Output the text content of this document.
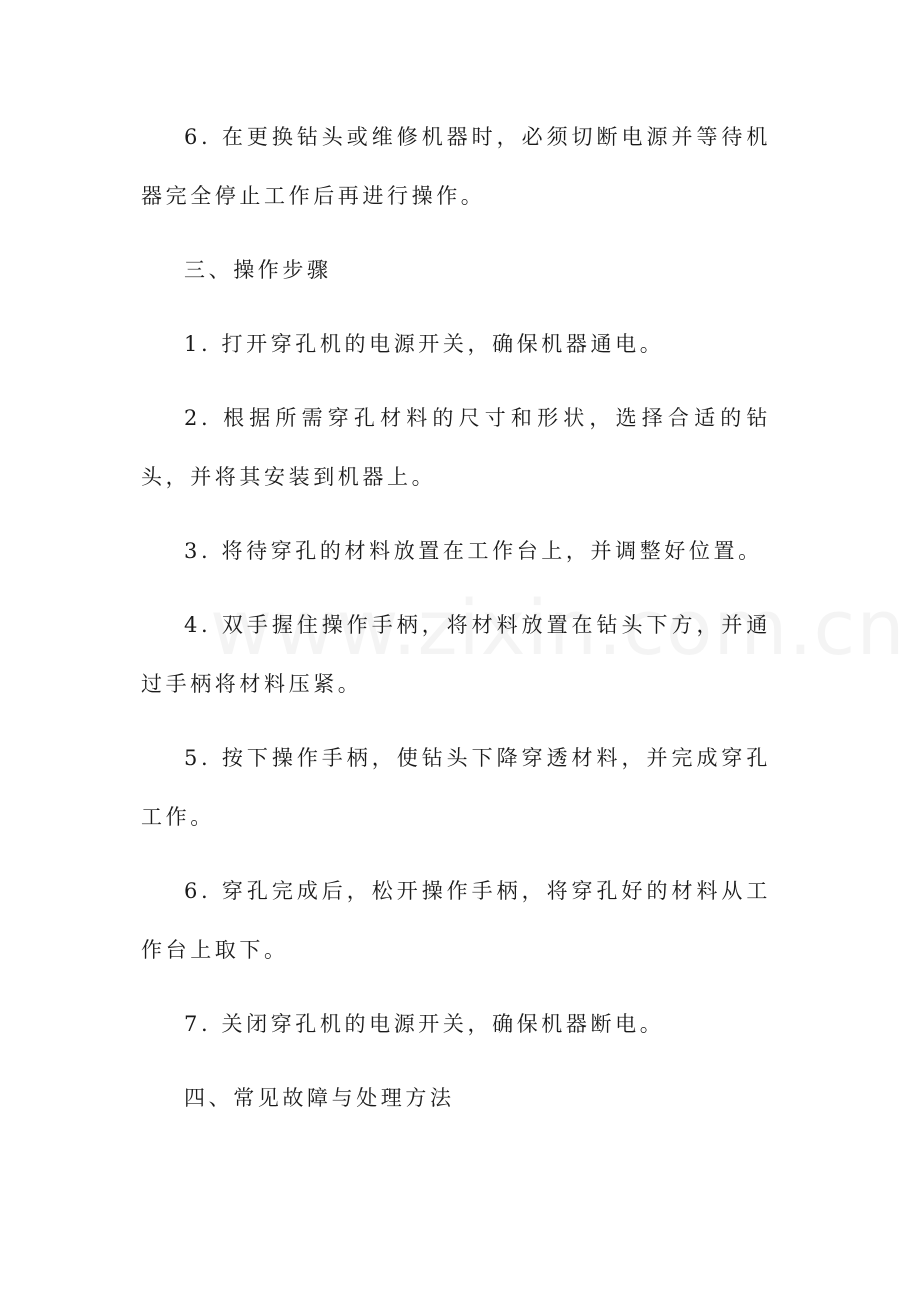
6. 在更换钻头或维修机器时，必须切断电源并等待机器完全停止工作后再进行操作。

三、操作步骤

1. 打开穿孔机的电源开关，确保机器通电。

2. 根据所需穿孔材料的尺寸和形状，选择合适的钻头，并将其安装到机器上。

3. 将待穿孔的材料放置在工作台上，并调整好位置。

4. 双手握住操作手柄，将材料放置在钻头下方，并通过手柄将材料压紧。

5. 按下操作手柄，使钻头下降穿透材料，并完成穿孔工作。

6. 穿孔完成后，松开操作手柄，将穿孔好的材料从工作台上取下。

7. 关闭穿孔机的电源开关，确保机器断电。

四、常见故障与处理方法
